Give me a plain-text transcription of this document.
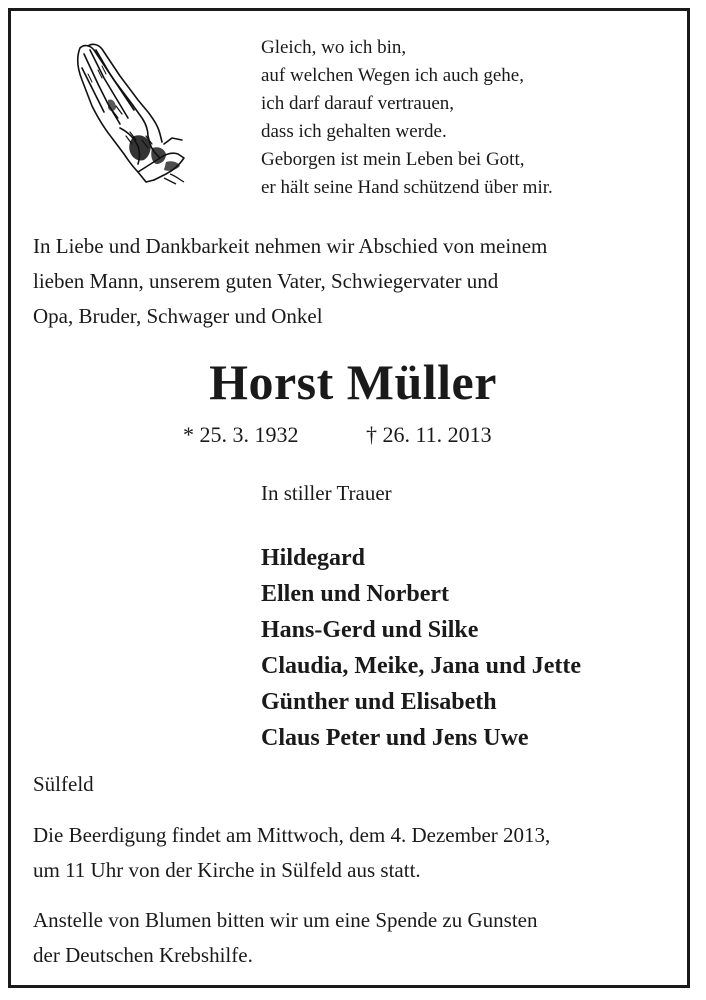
Gleich, wo ich bin,
auf welchen Wegen ich auch gehe,
ich darf darauf vertrauen,
dass ich gehalten werde.
Geborgen ist mein Leben bei Gott,
er hält seine Hand schützend über mir.
In Liebe und Dankbarkeit nehmen wir Abschied von meinem
lieben Mann, unserem guten Vater, Schwiegervater und
Opa, Bruder, Schwager und Onkel
Horst Müller
* 25. 3. 1932	† 26. 11. 2013
In stiller Trauer
Hildegard
Ellen und Norbert
Hans-Gerd und Silke
Claudia, Meike, Jana und Jette
Günther und Elisabeth
Claus Peter und Jens Uwe
Sülfeld
Die Beerdigung findet am Mittwoch, dem 4. Dezember 2013,
um 11 Uhr von der Kirche in Sülfeld aus statt.
Anstelle von Blumen bitten wir um eine Spende zu Gunsten
der Deutschen Krebshilfe.
